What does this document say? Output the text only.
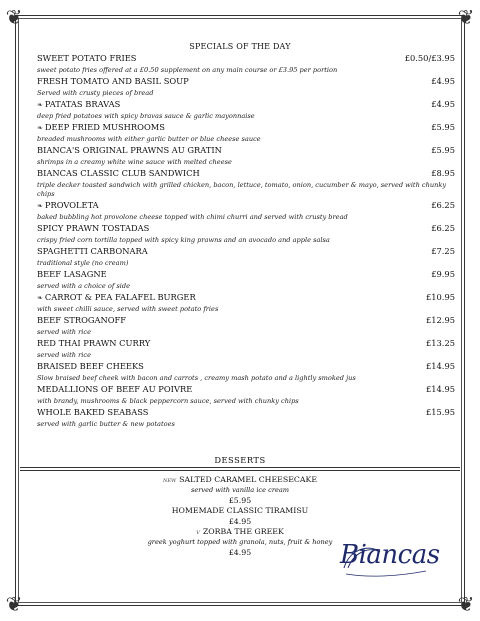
❦	❦
❦	❦
SPECIALS OF THE DAY
SWEET POTATO FRIES	£0.50/£3.95
sweet potato fries offered at a £0.50 supplement on any main course or £3.95 per portion
FRESH TOMATO AND BASIL SOUP	£4.95
Served with crusty pieces of bread
❧ PATATAS BRAVAS	£4.95
deep fried potatoes with spicy bravas sauce & garlic mayonnaise
❧ DEEP FRIED MUSHROOMS	£5.95
breaded mushrooms with either garlic butter or blue cheese sauce
BIANCA'S ORIGINAL PRAWNS AU GRATIN	£5.95
shrimps in a creamy white wine sauce with melted cheese
BIANCAS CLASSIC CLUB SANDWICH	£8.95
triple decker toasted sandwich with grilled chicken, bacon, lettuce, tomato, onion, cucumber & mayo, served with chunky chips
❧ PROVOLETA	£6.25
baked bubbling hot provolone cheese topped with chimi churri and served with crusty bread
SPICY PRAWN TOSTADAS	£6.25
crispy fried corn tortilla topped with spicy king prawns and an avocado and apple salsa
SPAGHETTI CARBONARA	£7.25
traditional style (no cream)
BEEF LASAGNE	£9.95
served with a choice of side
❧ CARROT & PEA FALAFEL BURGER	£10.95
with sweet chilli sauce, served with sweet potato fries
BEEF STROGANOFF	£12.95
served with rice
RED THAI PRAWN CURRY	£13.25
served with rice
BRAISED BEEF CHEEKS	£14.95
Slow braised beef cheek with bacon and carrots , creamy mash potato and a lightly smoked jus
MEDALLIONS OF BEEF AU POIVRE	£14.95
with brandy, mushrooms & black peppercorn sauce, served with chunky chips
WHOLE BAKED SEABASS	£15.95
served with garlic butter & new potatoes
DESSERTS
NEW SALTED CARAMEL CHEESECAKE
served with vanilla ice cream
£5.95
HOMEMADE CLASSIC TIRAMISU
£4.95
V ZORBA THE GREEK
greek yoghurt topped with granola, nuts, fruit & honey
£4.95	Biancas
